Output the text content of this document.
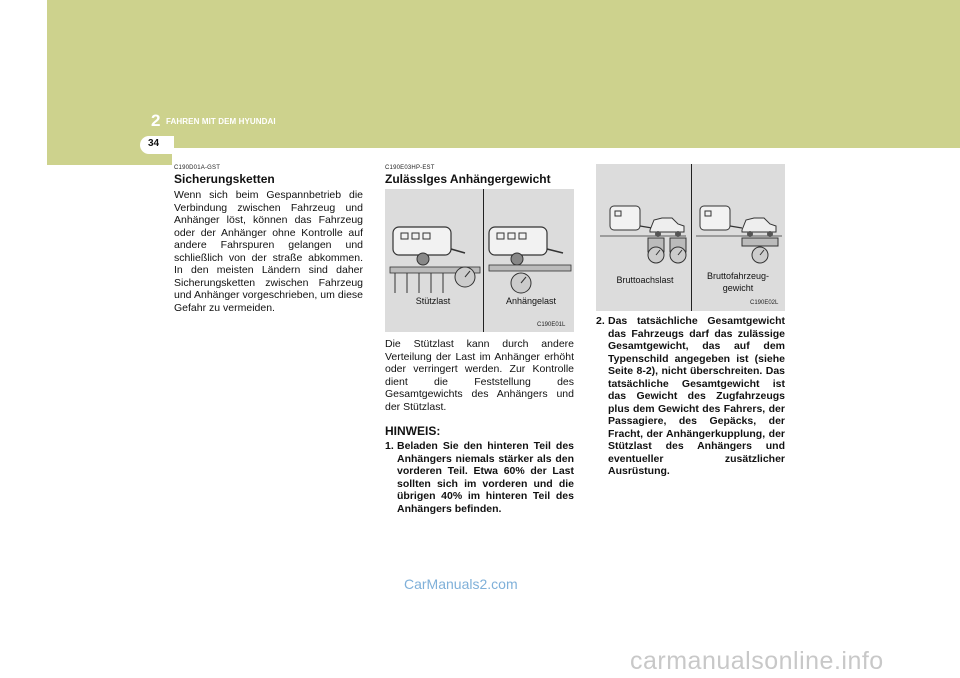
2 FAHREN MIT DEM HYUNDAI
34
C190D01A-GST
Sicherungsketten
Wenn sich beim Gespannbetrieb die Verbindung zwischen Fahrzeug und Anhänger löst, können das Fahrzeug oder der Anhänger ohne Kontrolle auf andere Fahrspuren gelangen und schließlich von der straße abkommen. In den meisten Ländern sind daher Sicherungsketten zwischen Fahrzeug und Anhänger vorgeschrieben, um diese Gefahr zu vermeiden.
C190E03HP-EST
Zulässlges Anhängergewicht
Stützlast	Anhängelast
C190E01L
Die Stützlast kann durch andere Verteilung der Last im Anhänger erhöht oder verringert werden. Zur Kontrolle dient die Feststellung des Gesamtgewichts des Anhängers und der Stützlast.
HINWEIS:
1. Beladen Sie den hinteren Teil des Anhängers niemals stärker als den vorderen Teil. Etwa 60% der Last sollten sich im vorderen und die übrigen 40% im hinteren Teil des Anhängers befinden.
Bruttoachslast	Bruttofahrzeug-
gewicht
C190E02L
2. Das tatsächliche Gesamtgewicht das Fahrzeugs darf das zulässige Gesamtgewicht, das auf dem Typenschild angegeben ist (siehe Seite 8-2), nicht überschreiten. Das tatsächliche Gesamtgewicht ist das Gewicht des Zugfahrzeugs plus dem Gewicht des Fahrers, der Passagiere, des Gepäcks, der Fracht, der Anhängerkupplung, der Stützlast des Anhängers und eventueller zusätzlicher Ausrüstung.
CarManuals2.com
carmanualsonline.info
